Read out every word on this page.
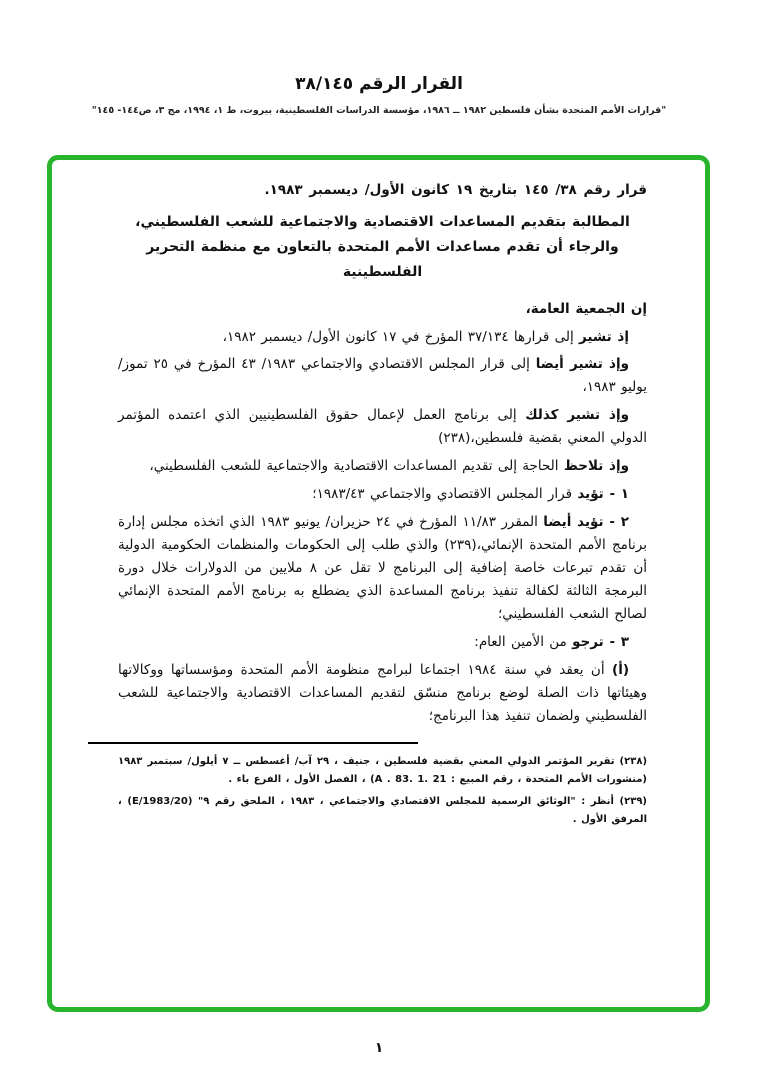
القرار الرقم ٣٨/١٤٥
"قرارات الأمم المتحدة بشأن فلسطين ١٩٨٢ ــ ١٩٨٦، مؤسسة الدراسات الفلسطينية، بيروت، ط ١، ١٩٩٤، مج ٣، ص١٤٤- ١٤٥"
قرار رقم ٣٨/ ١٤٥ بتاريخ ١٩ كانون الأول/ ديسمبر ١٩٨٣.
المطالبة بتقديم المساعدات الاقتصادية والاجتماعية للشعب الفلسطيني، والرجاء أن تقدم مساعدات الأمم المتحدة بالتعاون مع منظمة التحرير الفلسطينية
إن الجمعية العامة،
إذ تشير إلى قرارها ٣٧/١٣٤ المؤرخ في ١٧ كانون الأول/ ديسمبر ١٩٨٢،
وإذ تشير أيضا إلى قرار المجلس الاقتصادي والاجتماعي ١٩٨٣/ ٤٣ المؤرخ في ٢٥ تموز/ يوليو ١٩٨٣،
وإذ تشير كذلك إلى برنامج العمل لإعمال حقوق الفلسطينيين الذي اعتمده المؤتمر الدولي المعني بقضية فلسطين،(٢٣٨)
وإذ تلاحظ الحاجة إلى تقديم المساعدات الاقتصادية والاجتماعية للشعب الفلسطيني،
١ - تؤيد قرار المجلس الاقتصادي والاجتماعي ١٩٨٣/٤٣؛
٢ - تؤيد أيضا المقرر ١١/٨٣ المؤرخ في ٢٤ حزيران/ يونيو ١٩٨٣ الذي اتخذه مجلس إدارة برنامج الأمم المتحدة الإنمائي،(٢٣٩) والذي طلب إلى الحكومات والمنظمات الحكومية الدولية أن تقدم تبرعات خاصة إضافية إلى البرنامج لا تقل عن ٨ ملايين من الدولارات خلال دورة البرمجة الثالثة لكفالة تنفيذ برنامج المساعدة الذي يضطلع به برنامج الأمم المتحدة الإنمائي لصالح الشعب الفلسطيني؛
٣ - ترجو من الأمين العام:
(أ) أن يعقد في سنة ١٩٨٤ اجتماعا لبرامج منظومة الأمم المتحدة ومؤسساتها ووكالاتها وهيئاتها ذات الصلة لوضع برنامج منسّق لتقديم المساعدات الاقتصادية والاجتماعية للشعب الفلسطيني ولضمان تنفيذ هذا البرنامج؛
(٢٣٨) تقرير المؤتمر الدولي المعني بقضية فلسطين ، جنيف ، ٢٩ آب/ أغسطس ــ ٧ أيلول/ سبتمبر ١٩٨٣ (منشورات الأمم المتحدة ، رقم المبيع : A . 83. 1. 21) ، الفصل الأول ، الفرع باء .
(٢٣٩) أنظر : "الوثائق الرسمية للمجلس الاقتصادي والاجتماعي ، ١٩٨٣ ، الملحق رقم ٩" (E/1983/20) ، المرفق الأول .
١
